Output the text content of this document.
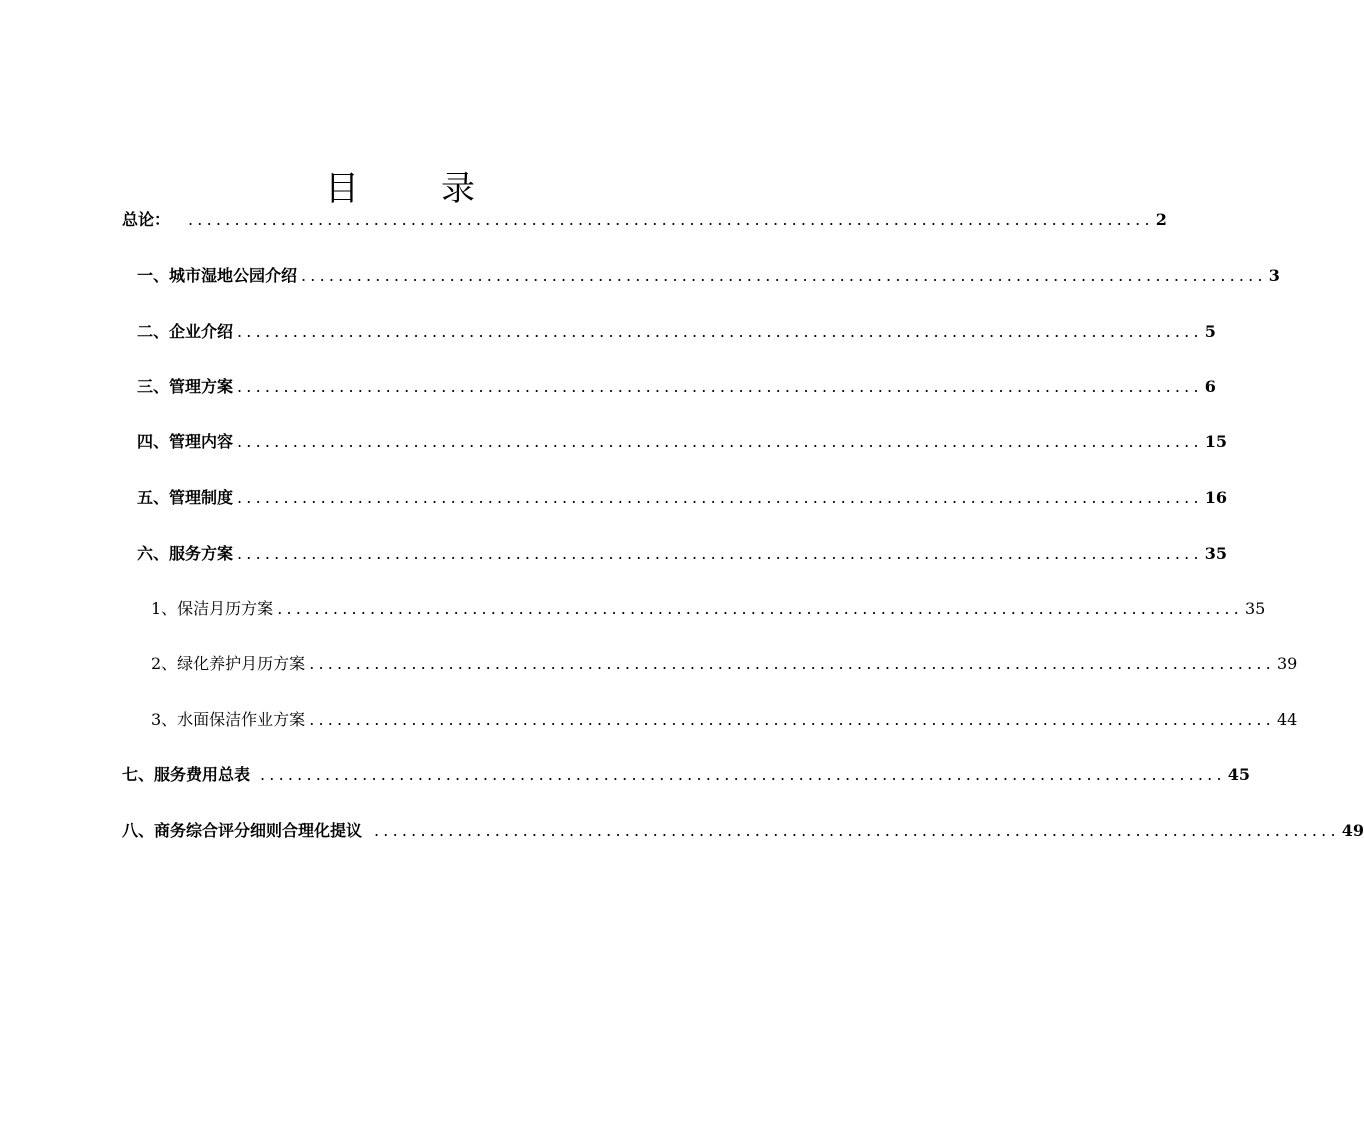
目　录
总论： ........................................................................................................ 2
一、城市湿地公园介绍 ........................................................................................................ 3
二、企业介绍 ........................................................................................................ 5
三、管理方案 ........................................................................................................ 6
四、管理内容 ........................................................................................................ 15
五、管理制度 ........................................................................................................ 16
六、服务方案 ........................................................................................................ 35
1、保洁月历方案 ........................................................................................................ 35
2、绿化养护月历方案 ........................................................................................................ 39
3、水面保洁作业方案 ........................................................................................................ 44
七、服务费用总表 ........................................................................................................ 45
八、商务综合评分细则合理化提议 ........................................................................................................ 49
